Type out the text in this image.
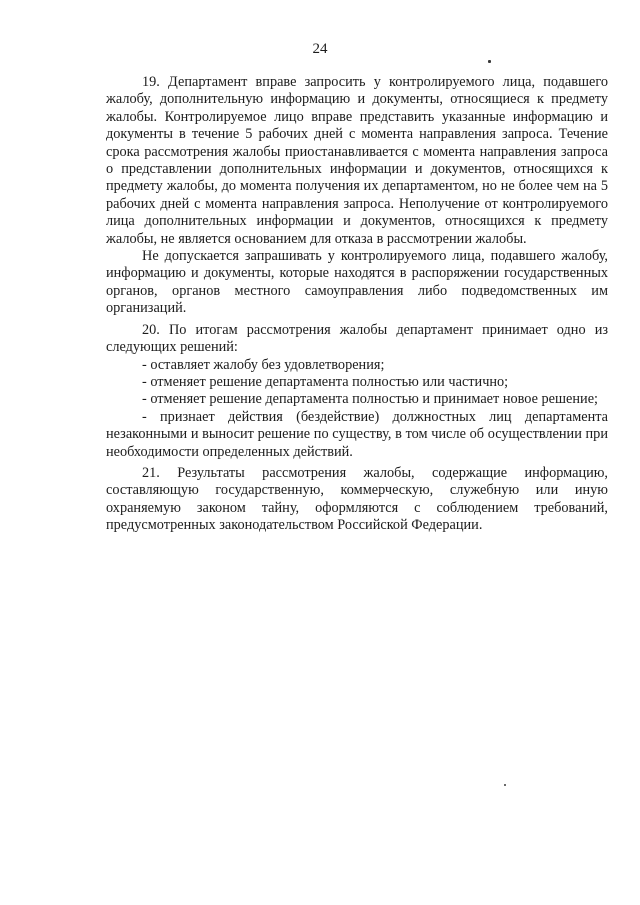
24

19. Департамент вправе запросить у контролируемого лица, подавшего жалобу, дополнительную информацию и документы, относящиеся к предмету жалобы. Контролируемое лицо вправе представить указанные информацию и документы в течение 5 рабочих дней с момента направления запроса. Течение срока рассмотрения жалобы приостанавливается с момента направления запроса о представлении дополнительных информации и документов, относящихся к предмету жалобы, до момента получения их департаментом, но не более чем на 5 рабочих дней с момента направления запроса. Неполучение от контролируемого лица дополнительных информации и документов, относящихся к предмету жалобы, не является основанием для отказа в рассмотрении жалобы.

Не допускается запрашивать у контролируемого лица, подавшего жалобу, информацию и документы, которые находятся в распоряжении государственных органов, органов местного самоуправления либо подведомственных им организаций.

20. По итогам рассмотрения жалобы департамент принимает одно из следующих решений:

- оставляет жалобу без удовлетворения;

- отменяет решение департамента полностью или частично;

- отменяет решение департамента полностью и принимает новое решение;

- признает действия (бездействие) должностных лиц департамента незаконными и выносит решение по существу, в том числе об осуществлении при необходимости определенных действий.

21. Результаты рассмотрения жалобы, содержащие информацию, составляющую государственную, коммерческую, служебную или иную охраняемую законом тайну, оформляются с соблюдением требований, предусмотренных законодательством Российской Федерации.
